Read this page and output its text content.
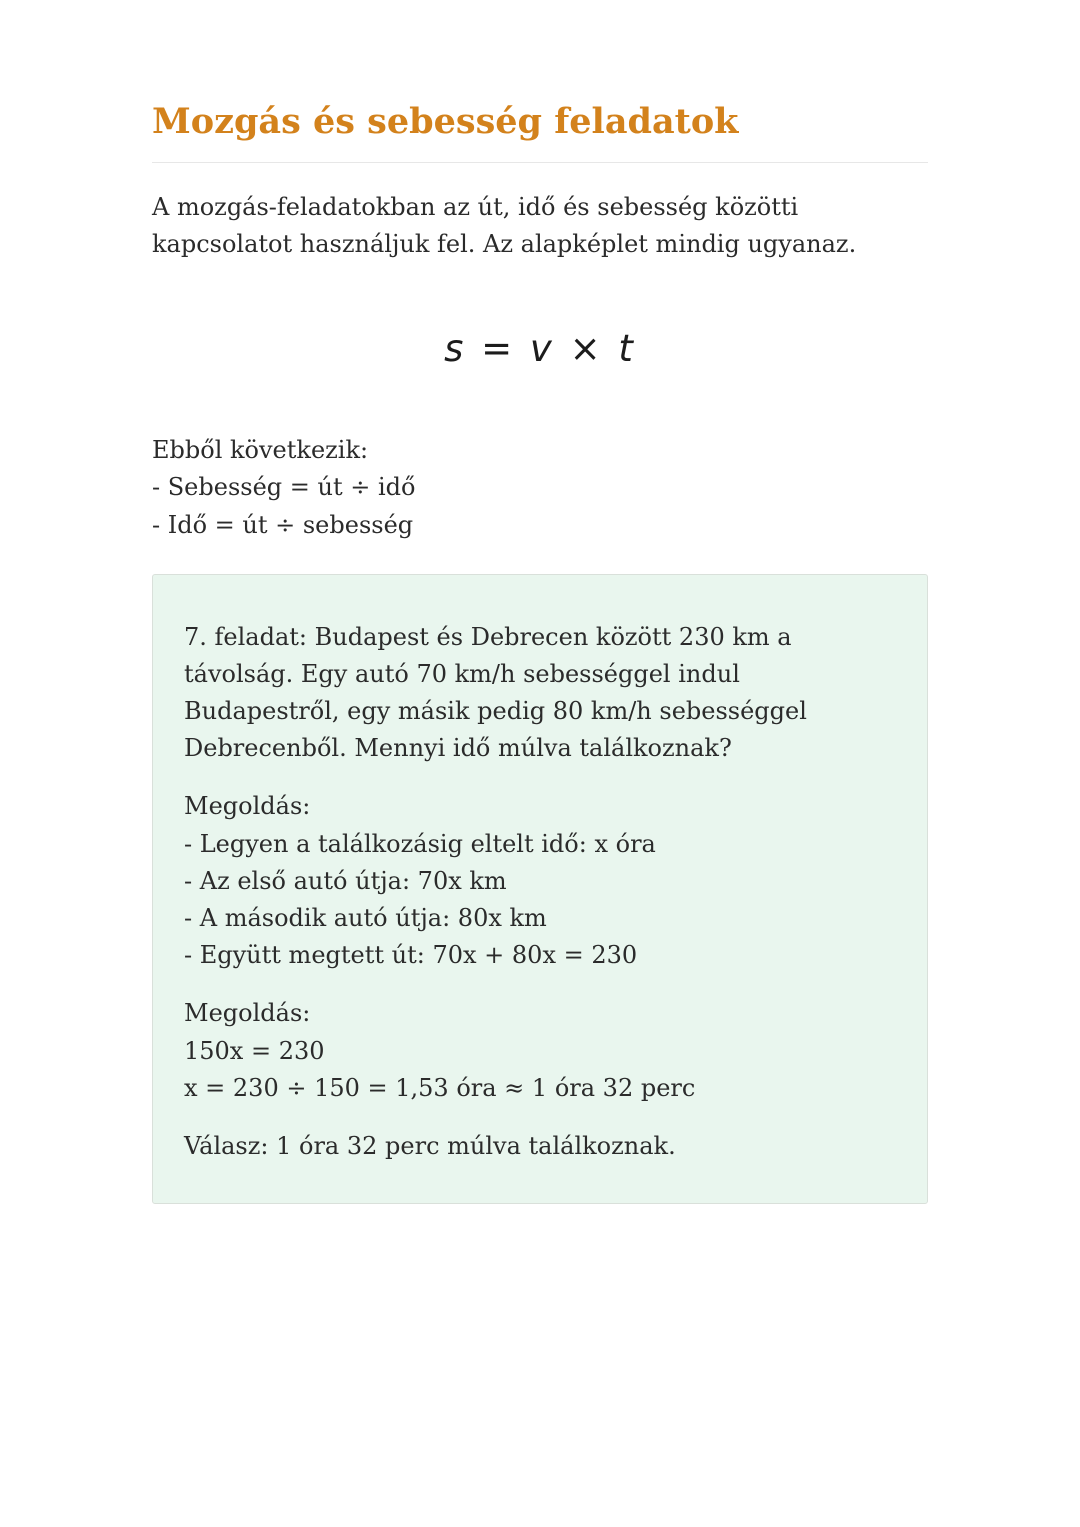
Mozgás és sebesség feladatok

A mozgás-feladatokban az út, idő és sebesség közötti kapcsolatot használjuk fel. Az alapképlet mindig ugyanaz.

s = v × t
Ebből következik:
- Sebesség = út ÷ idő
- Idő = út ÷ sebesség

7. feladat: Budapest és Debrecen között 230 km a távolság. Egy autó 70 km/h sebességgel indul Budapestről, egy másik pedig 80 km/h sebességgel Debrecenből. Mennyi idő múlva találkoznak?

Megoldás:
- Legyen a találkozásig eltelt idő: x óra
- Az első autó útja: 70x km
- A második autó útja: 80x km
- Együtt megtett út: 70x + 80x = 230
Megoldás:
150x = 230
x = 230 ÷ 150 = 1,53 óra ≈ 1 óra 32 perc

Válasz: 1 óra 32 perc múlva találkoznak.
